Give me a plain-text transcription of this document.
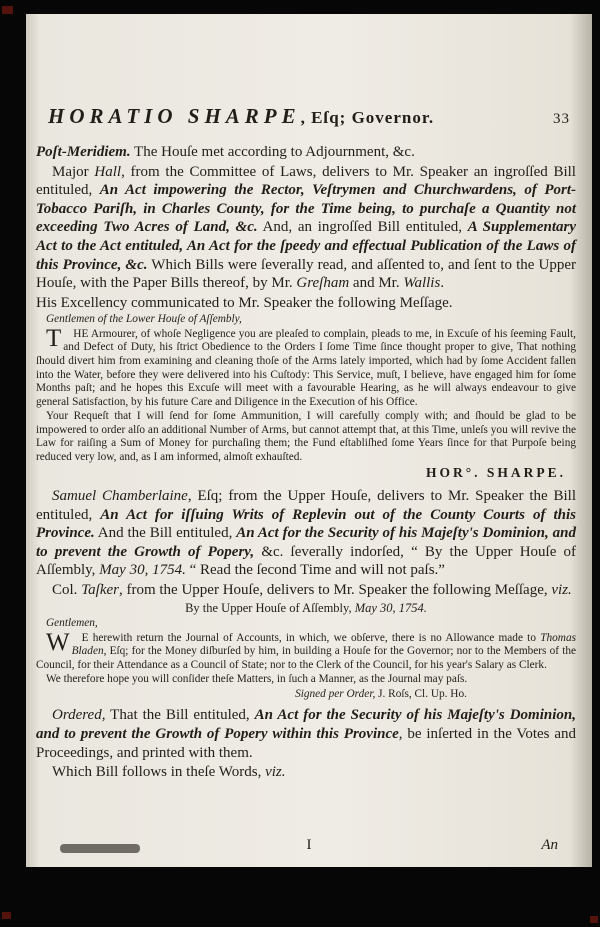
HORATIO SHARPE, Eſq; Governor.	33

Poſt-Meridiem. The Houſe met according to Adjournment, &c.

Major Hall, from the Committee of Laws, delivers to Mr. Speaker an ingroſſed Bill entituled, An Act impowering the Rector, Veſtrymen and Churchwardens, of Port-Tobacco Pariſh, in Charles County, for the Time being, to purchaſe a Quantity not exceeding Two Acres of Land, &c. And, an ingroſſed Bill entituled, A Supplementary Act to the Act entituled, An Act for the ſpeedy and effectual Publication of the Laws of this Province, &c. Which Bills were ſeverally read, and aſſented to, and ſent to the Upper Houſe, with the Paper Bills thereof, by Mr. Greſham and Mr. Wallis.

His Excellency communicated to Mr. Speaker the following Meſſage.

Gentlemen of the Lower Houſe of Aſſembly,

T HE Armourer, of whoſe Negligence you are pleaſed to complain, pleads to me, in Excuſe of his ſeeming Fault, and Defect of Duty, his ſtrict Obedience to the Orders I ſome Time ſince thought proper to give, That nothing ſhould divert him from examining and cleaning thoſe of the Arms lately imported, which had by ſome Accident fallen into the Water, before they were delivered into his Cuſtody: This Service, muſt, I believe, have engaged him for ſome Months paſt; and he hopes this Excuſe will meet with a favourable Hearing, as he will always endeavour to give general Satisfaction, by his future Care and Diligence in the Execution of his Office.

Your Requeſt that I will ſend for ſome Ammunition, I will carefully comply with; and ſhould be glad to be impowered to order alſo an additional Number of Arms, but cannot attempt that, at this Time, unleſs you will revive the Law for raiſing a Sum of Money for purchaſing them; the Fund eſtabliſhed ſome Years ſince for that Purpoſe being reduced very low, and, as I am informed, almoſt exhauſted.

HOR°. SHARPE.

Samuel Chamberlaine, Eſq; from the Upper Houſe, delivers to Mr. Speaker the Bill entituled, An Act for iſſuing Writs of Replevin out of the County Courts of this Province. And the Bill entituled, An Act for the Security of his Majeſty's Dominion, and to prevent the Growth of Popery, &c. ſeverally indorſed, “ By the Upper Houſe of Aſſembly, May 30, 1754. “ Read the ſecond Time and will not paſs.”

Col. Taſker, from the Upper Houſe, delivers to Mr. Speaker the following Meſſage, viz.

By the Upper Houſe of Aſſembly, May 30, 1754.

Gentlemen,

W E herewith return the Journal of Accounts, in which, we obſerve, there is no Allowance made to Thomas Bladen, Eſq; for the Money diſburſed by him, in building a Houſe for the Governor; nor to the Members of the Council, for their Attendance as a Council of State; nor to the Clerk of the Council, for his year's Salary as Clerk.

We therefore hope you will conſider theſe Matters, in ſuch a Manner, as the Journal may paſs.

Signed per Order, J. Roſs, Cl. Up. Ho.

Ordered, That the Bill entituled, An Act for the Security of his Majeſty's Dominion, and to prevent the Growth of Popery within this Province, be inſerted in the Votes and Proceedings, and printed with them.

Which Bill follows in theſe Words, viz.

I	An
